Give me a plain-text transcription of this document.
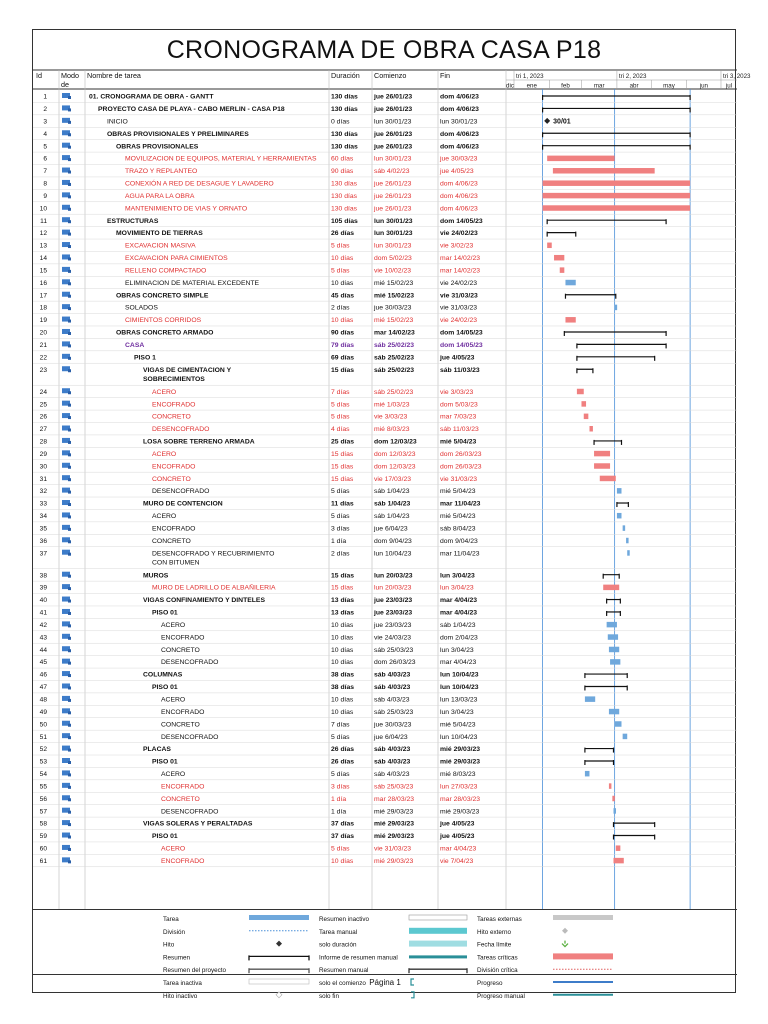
CRONOGRAMA DE OBRA CASA P18
Id	Modo
de
Nombre de tarea	Duración Comienzo	Fin	tri 1, 2023	tri 2, 2023	tri 3, 2023
dic ene	feb	mar	abr	may	jun	jul
1	01. CRONOGRAMA DE OBRA - GANTT	130 días jue 26/01/23	dom 4/06/23
2	PROYECTO CASA DE PLAYA - CABO MERLIN - CASA P18	130 días jue 26/01/23	dom 4/06/23
3	INICIO	0 días	lun 30/01/23	lun 30/01/23	30/01
4	OBRAS PROVISIONALES Y PRELIMINARES	130 días jue 26/01/23	dom 4/06/23
5	OBRAS PROVISIONALES	130 días jue 26/01/23	dom 4/06/23
6	MOVILIZACION DE EQUIPOS, MATERIAL Y HERRAMIENTAS 60 días	lun 30/01/23	jue 30/03/23
7	TRAZO Y REPLANTEO	90 días	sáb 4/02/23	jue 4/05/23
8	CONEXIÓN A RED DE DESAGUE Y LAVADERO	130 días jue 26/01/23	dom 4/06/23
9	AGUA PARA LA OBRA	130 días jue 26/01/23	dom 4/06/23
10	MANTENIMIENTO DE VIAS Y ORNATO	130 días jue 26/01/23	dom 4/06/23
11	ESTRUCTURAS	105 días lun 30/01/23	dom 14/05/23
12	MOVIMIENTO DE TIERRAS	26 días	lun 30/01/23	vie 24/02/23
13	EXCAVACION MASIVA	5 días	lun 30/01/23	vie 3/02/23
14	EXCAVACION PARA CIMIENTOS	10 días	dom 5/02/23	mar 14/02/23
15	RELLENO COMPACTADO	5 días	vie 10/02/23	mar 14/02/23
16	ELIMINACION DE MATERIAL EXCEDENTE	10 días	mié 15/02/23	vie 24/02/23
17	OBRAS CONCRETO SIMPLE	45 días	mié 15/02/23	vie 31/03/23
18	SOLADOS	2 días	jue 30/03/23	vie 31/03/23
19	CIMIENTOS CORRIDOS	10 días	mié 15/02/23	vie 24/02/23
20	OBRAS CONCRETO ARMADO	90 días	mar 14/02/23	dom 14/05/23
21	CASA	79 días	sáb 25/02/23	dom 14/05/23
22	PISO 1	69 días	sáb 25/02/23	jue 4/05/23
23	VIGAS DE CIMENTACION Y
SOBRECIMIENTOS
15 días	sáb 25/02/23	sáb 11/03/23
24	ACERO	7 días	sáb 25/02/23	vie 3/03/23
25	ENCOFRADO	5 días	mié 1/03/23	dom 5/03/23
26	CONCRETO	5 días	vie 3/03/23	mar 7/03/23
27	DESENCOFRADO	4 días	mié 8/03/23	sáb 11/03/23
28	LOSA SOBRE TERRENO ARMADA	25 días	dom 12/03/23	mié 5/04/23
29	ACERO	15 días	dom 12/03/23	dom 26/03/23
30	ENCOFRADO	15 días	dom 12/03/23	dom 26/03/23
31	CONCRETO	15 días	vie 17/03/23	vie 31/03/23
32	DESENCOFRADO	5 días	sáb 1/04/23	mié 5/04/23
33	MURO DE CONTENCION	11 días	sáb 1/04/23	mar 11/04/23
34	ACERO	5 días	sáb 1/04/23	mié 5/04/23
35	ENCOFRADO	3 días	jue 6/04/23	sáb 8/04/23
36	CONCRETO	1 día	dom 9/04/23	dom 9/04/23
37	DESENCOFRADO Y RECUBRIMIENTO
CON BITUMEN
2 días	lun 10/04/23	mar 11/04/23
38	MUROS	15 días	lun 20/03/23	lun 3/04/23
39	MURO DE LADRILLO DE ALBAÑILERIA	15 días	lun 20/03/23	lun 3/04/23
40	VIGAS CONFINAMIENTO Y DINTELES	13 días	jue 23/03/23	mar 4/04/23
41	PISO 01	13 días	jue 23/03/23	mar 4/04/23
42	ACERO	10 días	jue 23/03/23	sáb 1/04/23
43	ENCOFRADO	10 días	vie 24/03/23	dom 2/04/23
44	CONCRETO	10 días	sáb 25/03/23	lun 3/04/23
45	DESENCOFRADO	10 días	dom 26/03/23	mar 4/04/23
46	COLUMNAS	38 días	sáb 4/03/23	lun 10/04/23
47	PISO 01	38 días	sáb 4/03/23	lun 10/04/23
48	ACERO	10 días	sáb 4/03/23	lun 13/03/23
49	ENCOFRADO	10 días	sáb 25/03/23	lun 3/04/23
50	CONCRETO	7 días	jue 30/03/23	mié 5/04/23
51	DESENCOFRADO	5 días	jue 6/04/23	lun 10/04/23
52	PLACAS	26 días	sáb 4/03/23	mié 29/03/23
53	PISO 01	26 días	sáb 4/03/23	mié 29/03/23
54	ACERO	5 días	sáb 4/03/23	mié 8/03/23
55	ENCOFRADO	3 días	sáb 25/03/23	lun 27/03/23
56	CONCRETO	1 día	mar 28/03/23	mar 28/03/23
57	DESENCOFRADO	1 día	mié 29/03/23	mié 29/03/23
58	VIGAS SOLERAS Y PERALTADAS	37 días	mié 29/03/23	jue 4/05/23
59	PISO 01	37 días	mié 29/03/23	jue 4/05/23
60	ACERO	5 días	vie 31/03/23	mar 4/04/23
61	ENCOFRADO	10 días	mié 29/03/23	vie 7/04/23
Tarea	Resumen inactivo	Tareas externas
División	Tarea manual	Hito externo
Hito	solo duración	Fecha límite
Resumen	Informe de resumen manual	Tareas críticas
Resumen del proyecto	Resumen manual	División crítica
Tarea inactiva	solo el comienzo	Progreso
Hito inactivo	solo fin	Progreso manual
Página 1
